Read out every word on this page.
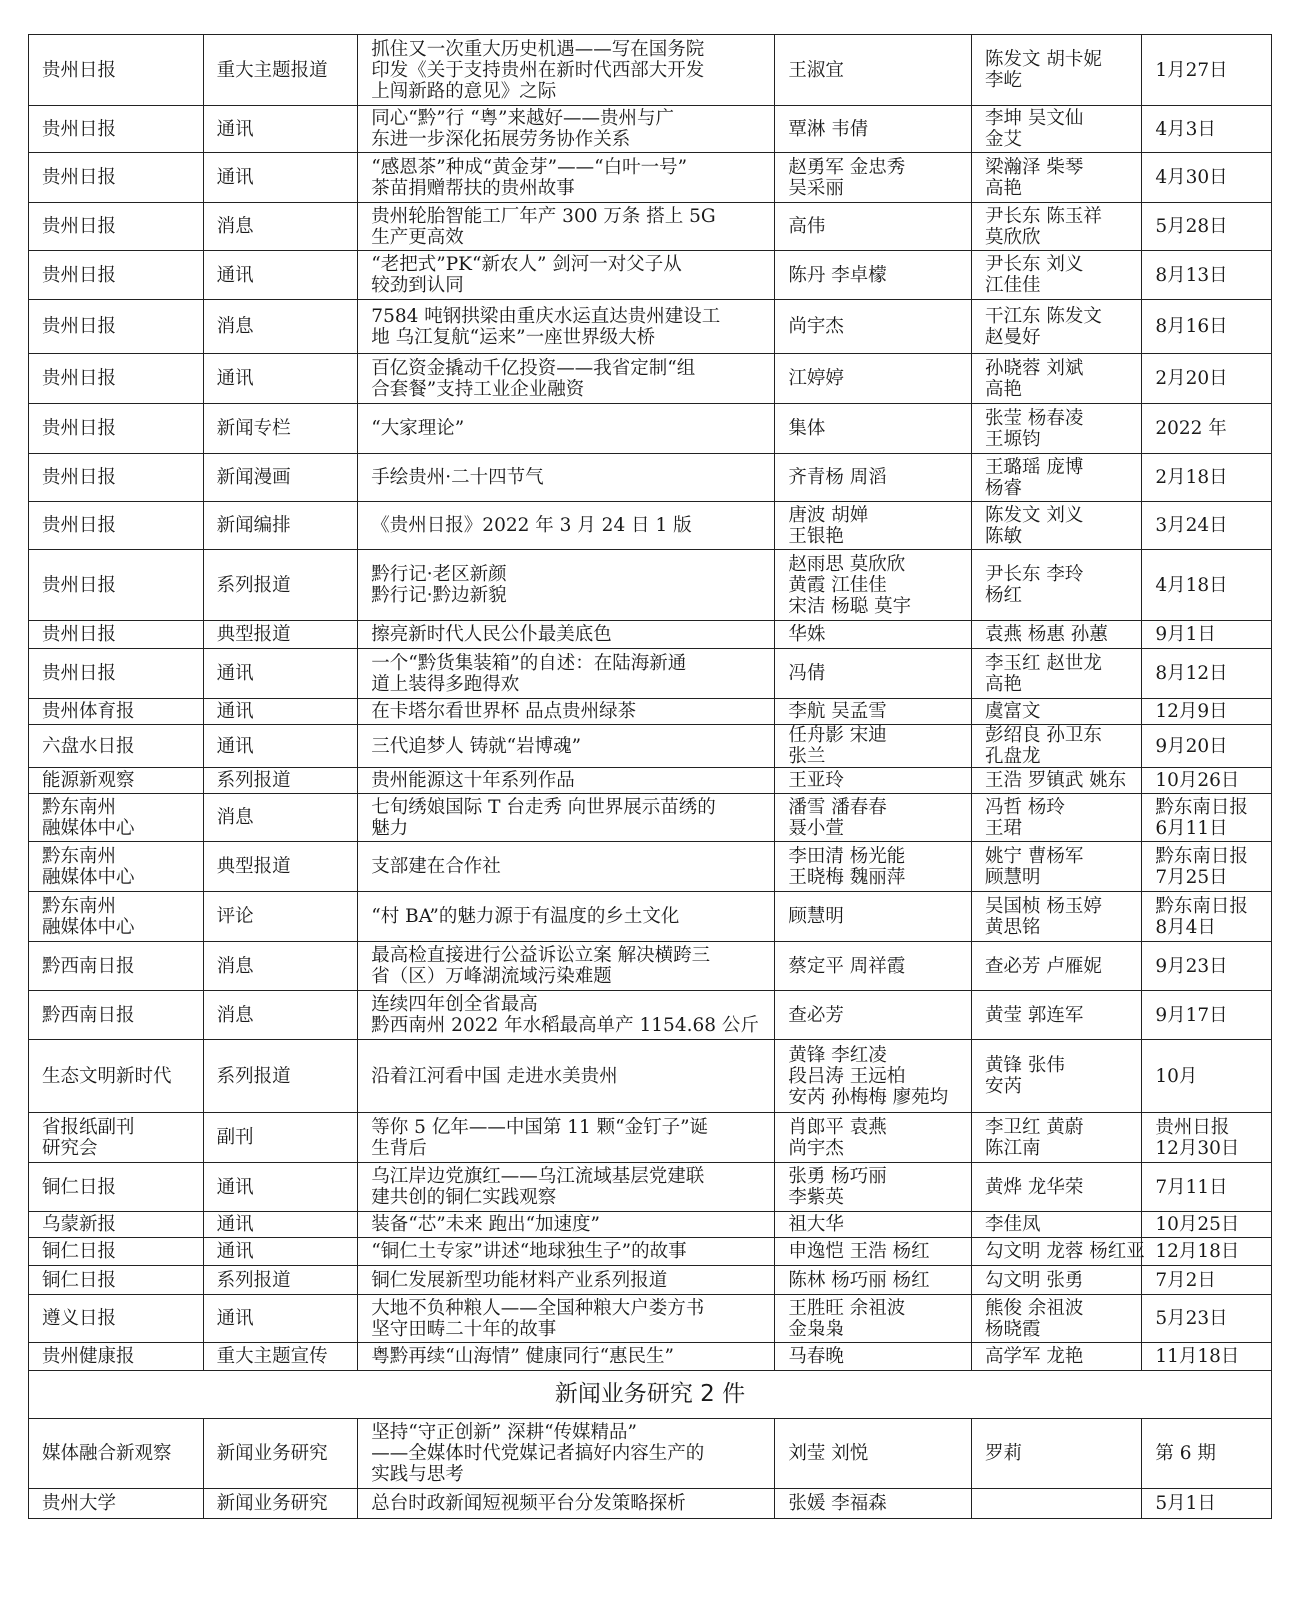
贵州日报	重大主题报道	抓住又一次重大历史机遇——写在国务院
印发《关于支持贵州在新时代西部大开发
上闯新路的意见》之际	王淑宜	陈发文 胡卡妮
李屹	1月27日

贵州日报	通讯	同心“黔”行 “粤”来越好——贵州与广
东进一步深化拓展劳务协作关系	覃淋 韦倩	李坤 吴文仙
金艾	4月3日

贵州日报	通讯	“感恩茶”种成“黄金芽”——“白叶一号”
茶苗捐赠帮扶的贵州故事	赵勇军 金忠秀
吴采丽	梁瀚泽 柴琴
高艳	4月30日

贵州日报	消息	贵州轮胎智能工厂年产 300 万条 搭上 5G
生产更高效	高伟	尹长东 陈玉祥
莫欣欣	5月28日

贵州日报	通讯	“老把式”PK“新农人” 剑河一对父子从
较劲到认同	陈丹 李卓檬	尹长东 刘义
江佳佳	8月13日

贵州日报	消息	7584 吨钢拱梁由重庆水运直达贵州建设工
地 乌江复航“运来”一座世界级大桥	尚宇杰	干江东 陈发文
赵曼好	8月16日

贵州日报	通讯	百亿资金撬动千亿投资——我省定制“组
合套餐”支持工业企业融资	江婷婷	孙晓蓉 刘斌
高艳	2月20日

贵州日报	新闻专栏	“大家理论”	集体	张莹 杨春凌
王塬钧	2022 年

贵州日报	新闻漫画	手绘贵州·二十四节气	齐青杨 周滔	王璐瑶 庞博
杨睿	2月18日

贵州日报	新闻编排	《贵州日报》2022 年 3 月 24 日 1 版	唐波 胡婵
王银艳	陈发文 刘义
陈敏	3月24日

贵州日报	系列报道	黔行记·老区新颜
黔行记·黔边新貌	赵雨思 莫欣欣
黄霞 江佳佳
宋洁 杨聪 莫宇	尹长东 李玲
杨红	4月18日

贵州日报	典型报道	擦亮新时代人民公仆最美底色	华姝	袁燕 杨惠 孙蕙	9月1日

贵州日报	通讯	一个“黔货集装箱”的自述：在陆海新通
道上装得多跑得欢	冯倩	李玉红 赵世龙
高艳	8月12日

贵州体育报	通讯	在卡塔尔看世界杯 品点贵州绿茶	李航 吴孟雪	虞富文	12月9日

六盘水日报	通讯	三代追梦人 铸就“岩博魂”	任舟影 宋迪
张兰	彭绍良 孙卫东
孔盘龙	9月20日

能源新观察	系列报道	贵州能源这十年系列作品	王亚玲	王浩 罗镇武 姚东	10月26日

黔东南州
融媒体中心	消息	七旬绣娘国际 T 台走秀 向世界展示苗绣的
魅力	潘雪 潘春春
聂小萱	冯哲 杨玲
王珺	黔东南日报
6月11日

黔东南州
融媒体中心	典型报道	支部建在合作社	李田清 杨光能
王晓梅 魏丽萍	姚宁 曹杨军
顾慧明	黔东南日报
7月25日

黔东南州
融媒体中心	评论	“村 BA”的魅力源于有温度的乡土文化	顾慧明	吴国桢 杨玉婷
黄思铭	黔东南日报
8月4日

黔西南日报	消息	最高检直接进行公益诉讼立案 解决横跨三
省（区）万峰湖流域污染难题	蔡定平 周祥霞	查必芳 卢雁妮	9月23日

黔西南日报	消息	连续四年创全省最高
黔西南州 2022 年水稻最高单产 1154.68 公斤	查必芳	黄莹 郭连军	9月17日

生态文明新时代	系列报道	沿着江河看中国 走进水美贵州	黄锋 李红凌
段吕涛 王远柏
安芮 孙梅梅 廖苑均	黄锋 张伟
安芮	10月

省报纸副刊
研究会	副刊	等你 5 亿年——中国第 11 颗“金钉子”诞
生背后	肖郎平 袁燕
尚宇杰	李卫红 黄蔚
陈江南	贵州日报
12月30日

铜仁日报	通讯	乌江岸边党旗红——乌江流域基层党建联
建共创的铜仁实践观察	张勇 杨巧丽
李紫英	黄烨 龙华荣	7月11日

乌蒙新报	通讯	装备“芯”未来 跑出“加速度”	祖大华	李佳凤	10月25日

铜仁日报	通讯	“铜仁土专家”讲述“地球独生子”的故事	申逸恺 王浩 杨红	勾文明 龙蓉 杨红亚	12月18日

铜仁日报	系列报道	铜仁发展新型功能材料产业系列报道	陈林 杨巧丽 杨红	勾文明 张勇	7月2日

遵义日报	通讯	大地不负种粮人——全国种粮大户娄方书
坚守田畴二十年的故事	王胜旺 余祖波
金枭枭	熊俊 余祖波
杨晓霞	5月23日

贵州健康报	重大主题宣传	粤黔再续“山海情” 健康同行“惠民生”	马春晚	高学军 龙艳	11月18日

新闻业务研究 2 件					

媒体融合新观察	新闻业务研究	坚持“守正创新” 深耕“传媒精品”
——全媒体时代党媒记者搞好内容生产的
实践与思考	刘莹 刘悦	罗莉	第 6 期

贵州大学	新闻业务研究	总台时政新闻短视频平台分发策略探析	张媛 李福森		5月1日
